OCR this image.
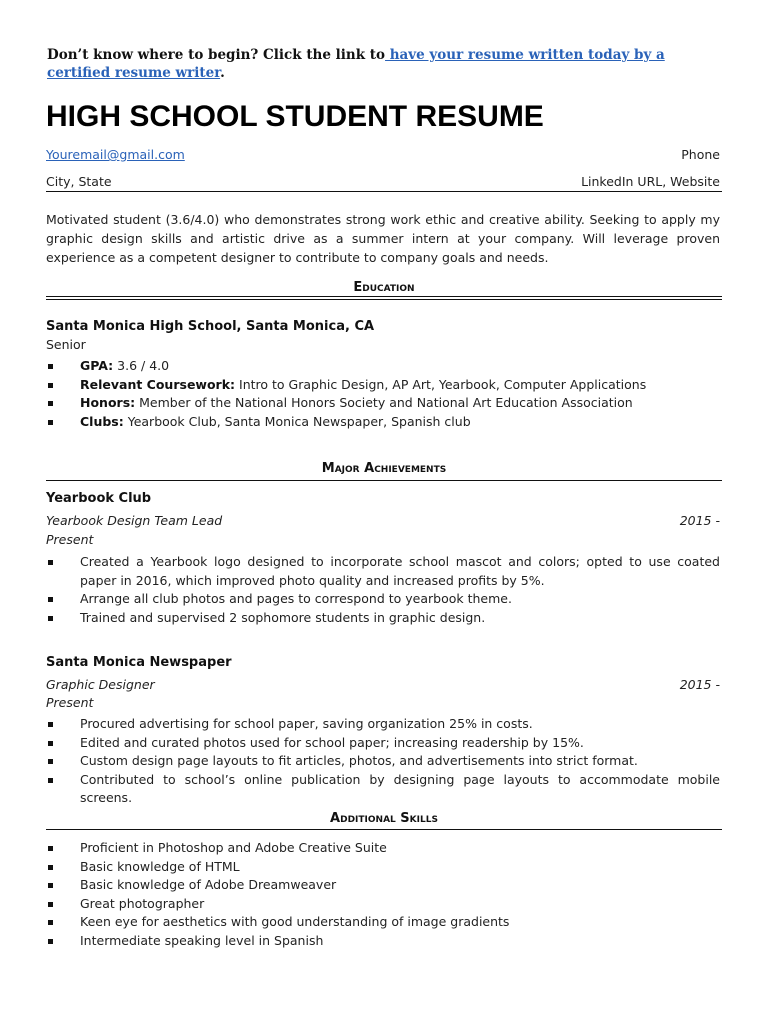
Don’t know where to begin? Click the link to have your resume written today by a certified resume writer.
HIGH SCHOOL STUDENT RESUME
Youremail@gmail.com	Phone
City, State	LinkedIn URL, Website

Motivated student (3.6/4.0) who demonstrates strong work ethic and creative ability. Seeking to apply my graphic design skills and artistic drive as a summer intern at your company. Will leverage proven experience as a competent designer to contribute to company goals and needs.

Education
Santa Monica High School, Santa Monica, CA
Senior
GPA: 3.6 / 4.0
Relevant Coursework: Intro to Graphic Design, AP Art, Yearbook, Computer Applications
Honors: Member of the National Honors Society and National Art Education Association
Clubs: Yearbook Club, Santa Monica Newspaper, Spanish club
Major Achievements
Yearbook Club
Yearbook Design Team Lead	2015 -
Present
Created a Yearbook logo designed to incorporate school mascot and colors; opted to use coated paper in 2016, which improved photo quality and increased profits by 5%.
Arrange all club photos and pages to correspond to yearbook theme.
Trained and supervised 2 sophomore students in graphic design.
Santa Monica Newspaper
Graphic Designer	2015 -
Present
Procured advertising for school paper, saving organization 25% in costs.
Edited and curated photos used for school paper; increasing readership by 15%.
Custom design page layouts to fit articles, photos, and advertisements into strict format.
Contributed to school’s online publication by designing page layouts to accommodate mobile screens.
Additional Skills
Proficient in Photoshop and Adobe Creative Suite
Basic knowledge of HTML
Basic knowledge of Adobe Dreamweaver
Great photographer
Keen eye for aesthetics with good understanding of image gradients
Intermediate speaking level in Spanish
